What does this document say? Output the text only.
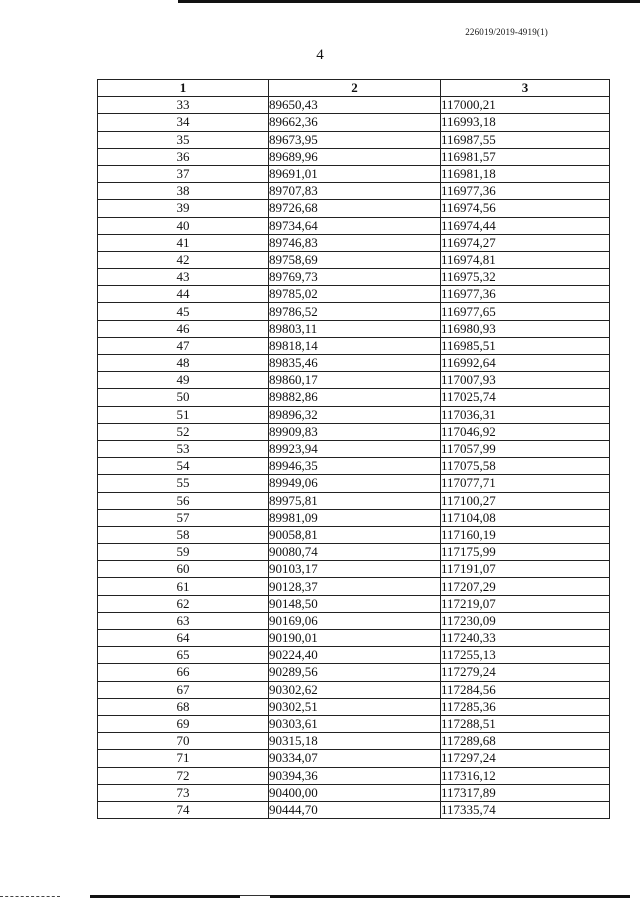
226019/2019-4919(1)
4
1	2	3
33	89650,43	117000,21
34	89662,36	116993,18
35	89673,95	116987,55
36	89689,96	116981,57
37	89691,01	116981,18
38	89707,83	116977,36
39	89726,68	116974,56
40	89734,64	116974,44
41	89746,83	116974,27
42	89758,69	116974,81
43	89769,73	116975,32
44	89785,02	116977,36
45	89786,52	116977,65
46	89803,11	116980,93
47	89818,14	116985,51
48	89835,46	116992,64
49	89860,17	117007,93
50	89882,86	117025,74
51	89896,32	117036,31
52	89909,83	117046,92
53	89923,94	117057,99
54	89946,35	117075,58
55	89949,06	117077,71
56	89975,81	117100,27
57	89981,09	117104,08
58	90058,81	117160,19
59	90080,74	117175,99
60	90103,17	117191,07
61	90128,37	117207,29
62	90148,50	117219,07
63	90169,06	117230,09
64	90190,01	117240,33
65	90224,40	117255,13
66	90289,56	117279,24
67	90302,62	117284,56
68	90302,51	117285,36
69	90303,61	117288,51
70	90315,18	117289,68
71	90334,07	117297,24
72	90394,36	117316,12
73	90400,00	117317,89
74	90444,70	117335,74
